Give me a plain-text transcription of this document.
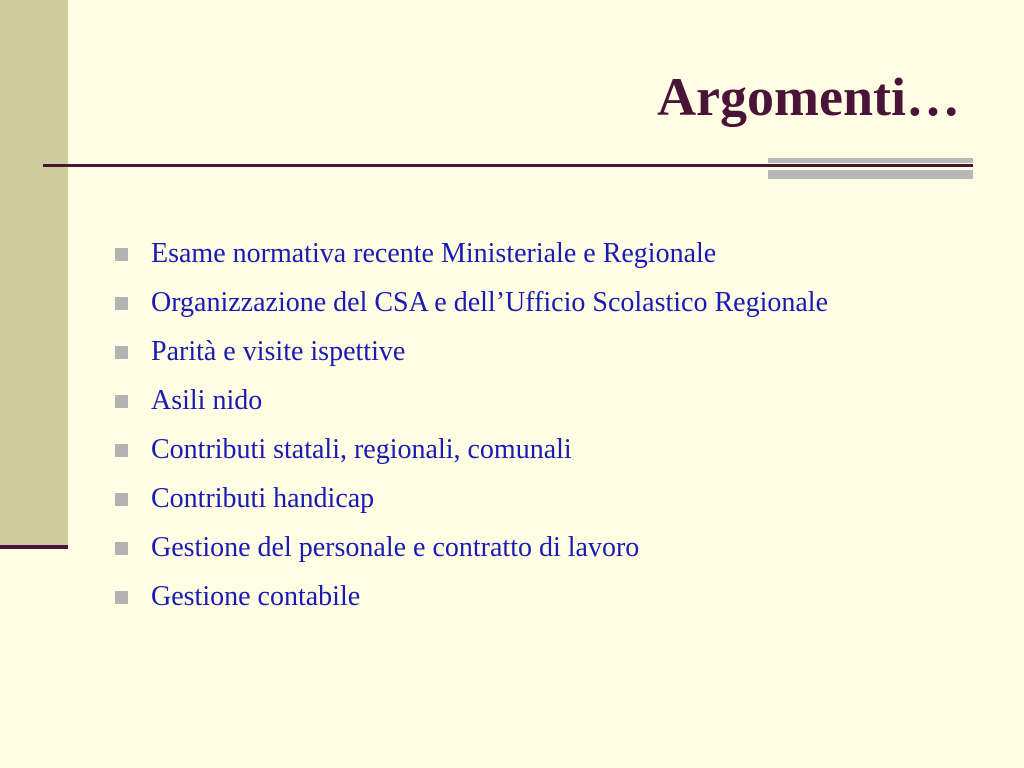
Argomenti…
Esame normativa recente Ministeriale e Regionale
Organizzazione del CSA e dell’Ufficio Scolastico Regionale
Parità e visite ispettive
Asili nido
Contributi statali, regionali, comunali
Contributi handicap
Gestione del personale e contratto di lavoro
Gestione contabile
